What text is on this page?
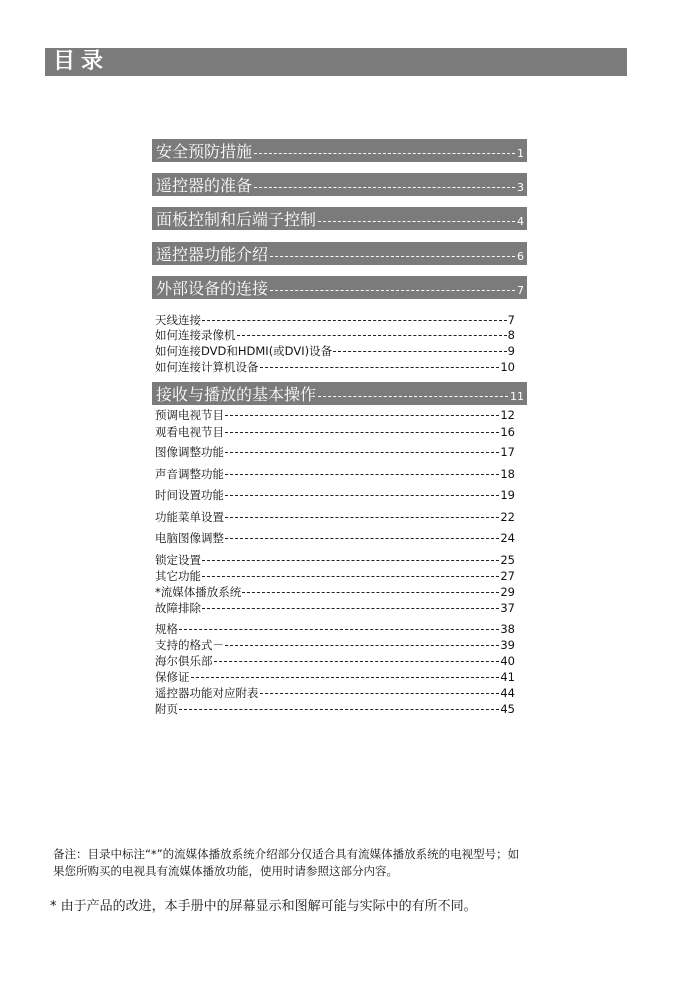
目录
安全预防措施	1
遥控器的准备	3
面板控制和后端子控制	4
遥控器功能介绍	6
外部设备的连接	7
天线连接	7
如何连接录像机	8
如何连接DVD和HDMI(或DVI)设备	9
如何连接计算机设备	10
接收与播放的基本操作	11
预调电视节目	12
观看电视节目	16
图像调整功能	17
声音调整功能	18
时间设置功能	19
功能菜单设置	22
电脑图像调整	24
锁定设置	25
其它功能	27
*流媒体播放系统	29
故障排除	37
规格	38
支持的格式－	39
海尔俱乐部	40
保修证	41
遥控器功能对应附表	44
附页	45
备注：目录中标注“*”的流媒体播放系统介绍部分仅适合具有流媒体播放系统的电视型号；如
果您所购买的电视具有流媒体播放功能，使用时请参照这部分内容。
* 由于产品的改进，本手册中的屏幕显示和图解可能与实际中的有所不同。
